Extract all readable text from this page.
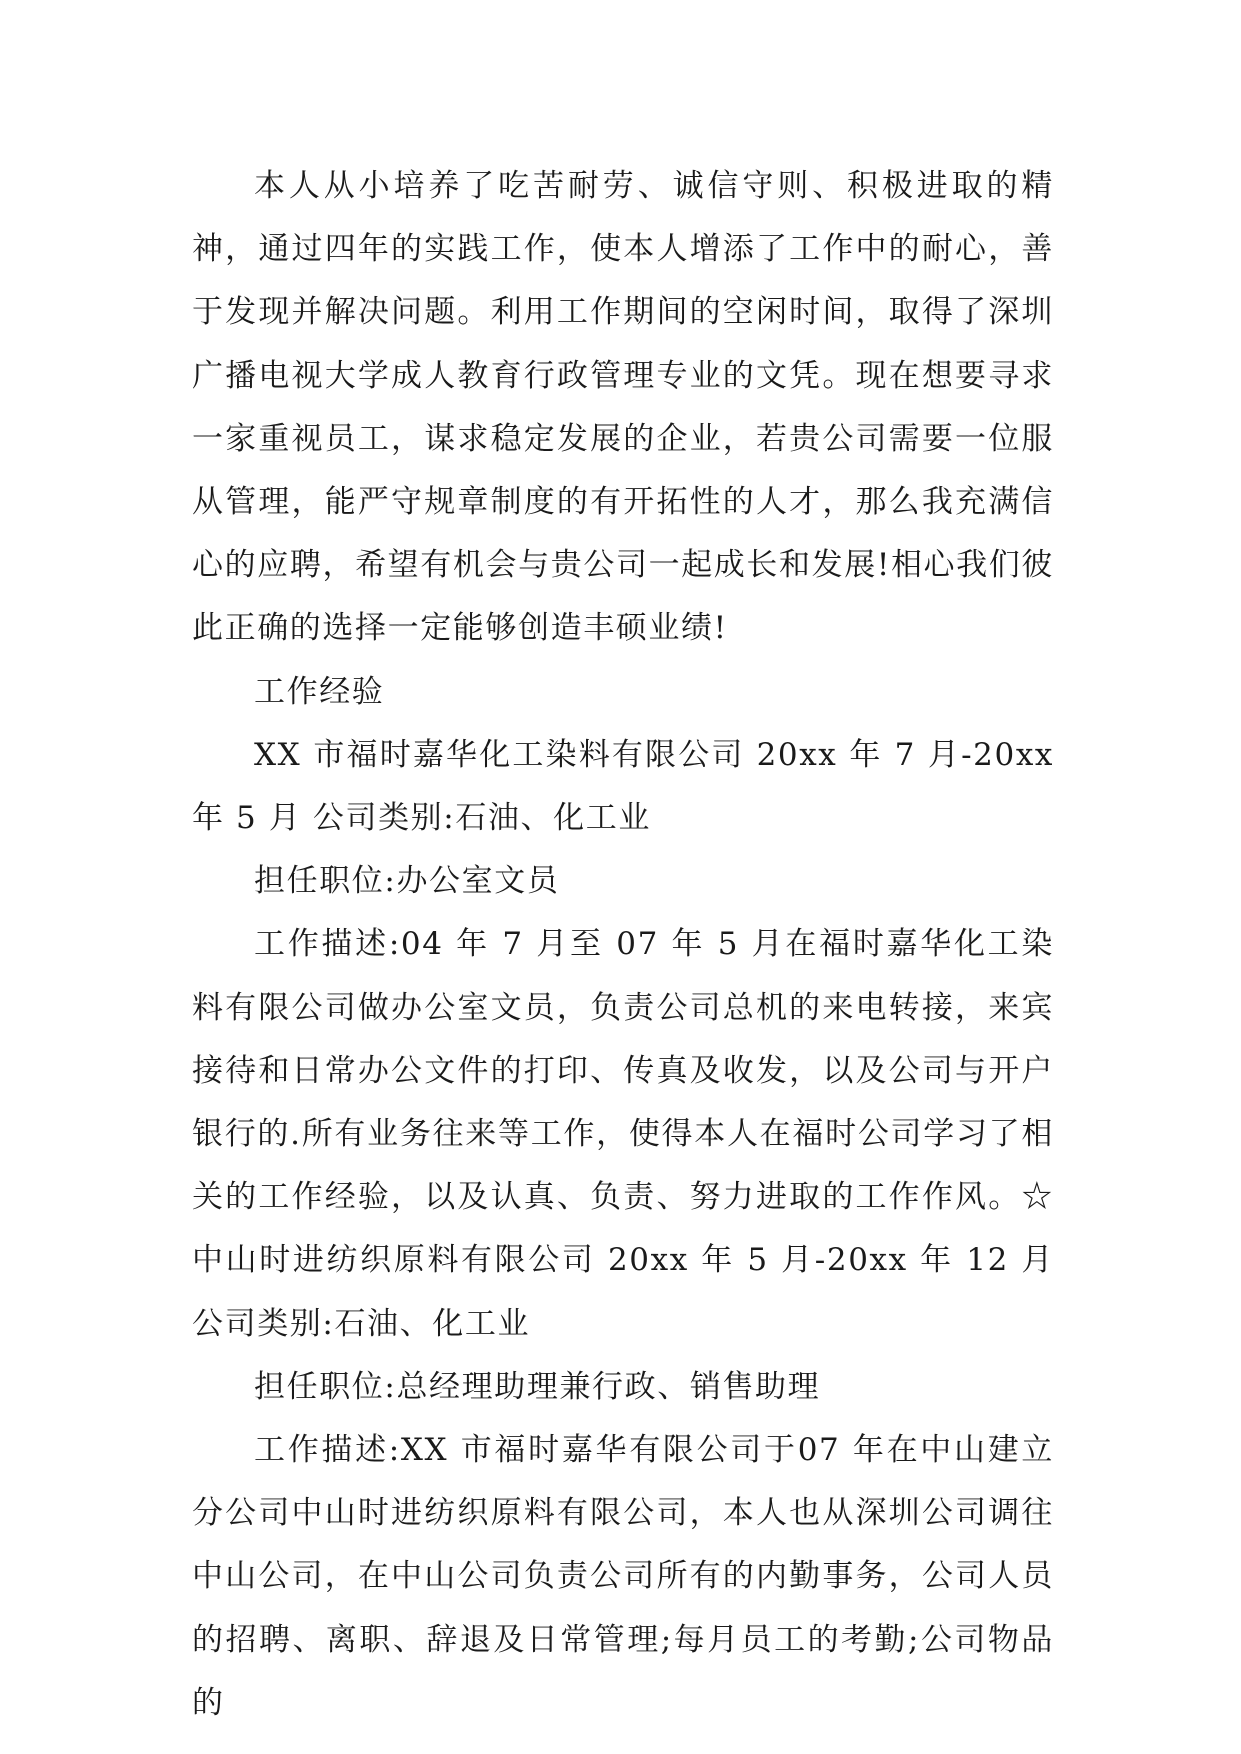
本人从小培养了吃苦耐劳、诚信守则、积极进取的精神，通过四年的实践工作，使本人增添了工作中的耐心，善于发现并解决问题。利用工作期间的空闲时间，取得了深圳广播电视大学成人教育行政管理专业的文凭。现在想要寻求一家重视员工，谋求稳定发展的企业，若贵公司需要一位服从管理，能严守规章制度的有开拓性的人才，那么我充满信心的应聘，希望有机会与贵公司一起成长和发展!相心我们彼此正确的选择一定能够创造丰硕业绩!

工作经验

XX 市福时嘉华化工染料有限公司 20xx 年 7 月-20xx 年 5 月 公司类别:石油、化工业

担任职位:办公室文员

工作描述:04 年 7 月至 07 年 5 月在福时嘉华化工染料有限公司做办公室文员，负责公司总机的来电转接，来宾接待和日常办公文件的打印、传真及收发，以及公司与开户银行的.所有业务往来等工作，使得本人在福时公司学习了相关的工作经验，以及认真、负责、努力进取的工作作风。☆中山时进纺织原料有限公司 20xx 年 5 月-20xx 年 12 月 公司类别:石油、化工业

担任职位:总经理助理兼行政、销售助理

工作描述:XX 市福时嘉华有限公司于07 年在中山建立分公司中山时进纺织原料有限公司，本人也从深圳公司调往中山公司，在中山公司负责公司所有的内勤事务，公司人员的招聘、离职、辞退及日常管理;每月员工的考勤;公司物品的
